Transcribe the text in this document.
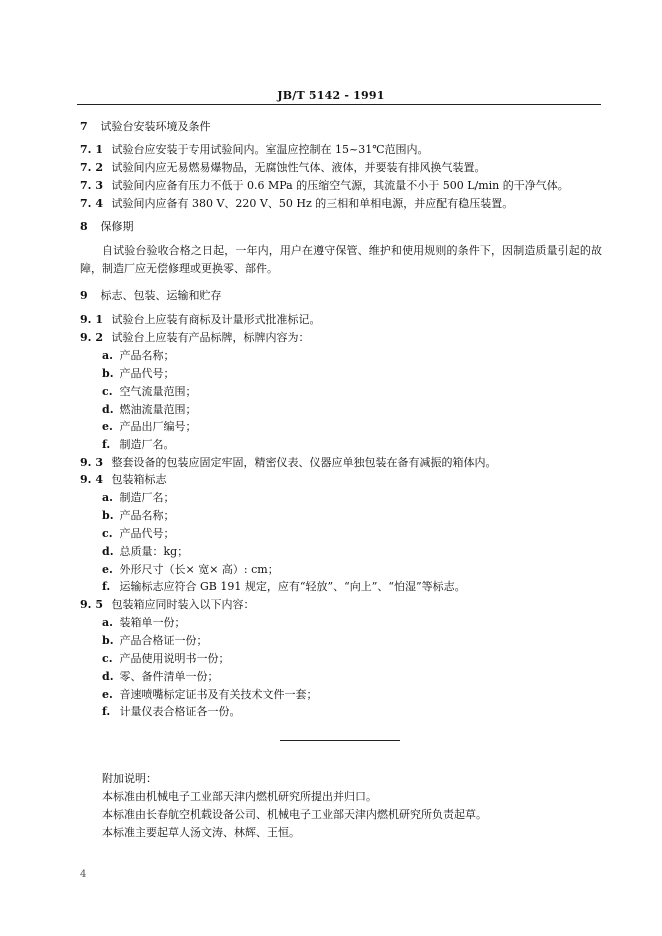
JB/T 5142 - 1991
7 试验台安装环境及条件
7. 1 试验台应安装于专用试验间内。室温应控制在 15~31℃范围内。
7. 2 试验间内应无易燃易爆物品，无腐蚀性气体、液体，并要装有排风换气装置。
7. 3 试验间内应备有压力不低于 0.6 MPa 的压缩空气源，其流量不小于 500 L/min 的干净气体。
7. 4 试验间内应备有 380 V、220 V、50 Hz 的三相和单相电源，并应配有稳压装置。
8 保修期
自试验台验收合格之日起，一年内，用户在遵守保管、维护和使用规则的条件下，因制造质量引起的故障，制造厂应无偿修理或更换零、部件。
9 标志、包装、运输和贮存
9. 1 试验台上应装有商标及计量形式批准标记。
9. 2 试验台上应装有产品标牌，标牌内容为：
a. 产品名称；
b. 产品代号；
c. 空气流量范围；
d. 燃油流量范围；
e. 产品出厂编号；
f. 制造厂名。
9. 3 整套设备的包装应固定牢固，精密仪表、仪器应单独包装在备有减振的箱体内。
9. 4 包装箱标志
a. 制造厂名；
b. 产品名称；
c. 产品代号；
d. 总质量：kg；
e. 外形尺寸（长× 宽× 高）: cm；
f. 运输标志应符合 GB 191 规定，应有“轻放”、“向上”、“怕湿”等标志。
9. 5 包装箱应同时装入以下内容：
a. 装箱单一份；
b. 产品合格证一份；
c. 产品使用说明书一份；
d. 零、备件清单一份；
e. 音速喷嘴标定证书及有关技术文件一套；
f. 计量仪表合格证各一份。
附加说明：
本标准由机械电子工业部天津内燃机研究所提出并归口。
本标准由长春航空机载设备公司、机械电子工业部天津内燃机研究所负责起草。
本标准主要起草人汤文涛、林辉、王恒。
4
